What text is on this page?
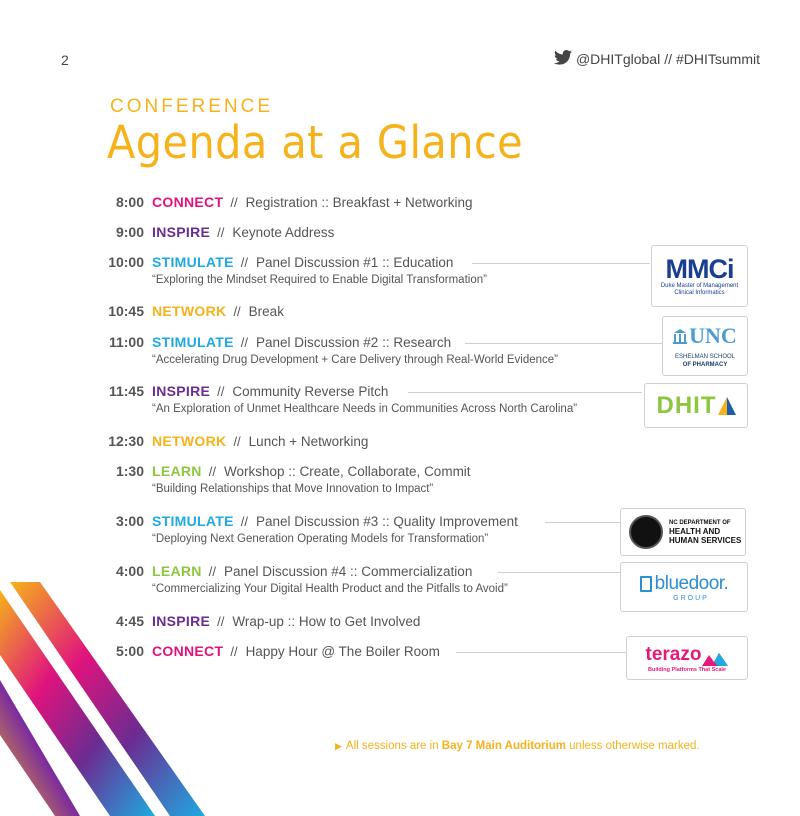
2	@DHITglobal // #DHITsummit
CONFERENCE
Agenda at a Glance
8:00 CONNECT // Registration :: Breakfast + Networking
9:00 INSPIRE // Keynote Address
10:00 STIMULATE // Panel Discussion #1 :: Education
“Exploring the Mindset Required to Enable Digital Transformation”
10:45 NETWORK // Break
11:00 STIMULATE // Panel Discussion #2 :: Research
“Accelerating Drug Development + Care Delivery through Real-World Evidence”
11:45 INSPIRE // Community Reverse Pitch
“An Exploration of Unmet Healthcare Needs in Communities Across North Carolina”
12:30 NETWORK // Lunch + Networking
1:30 LEARN // Workshop :: Create, Collaborate, Commit
“Building Relationships that Move Innovation to Impact”
3:00 STIMULATE // Panel Discussion #3 :: Quality Improvement
“Deploying Next Generation Operating Models for Transformation”
4:00 LEARN // Panel Discussion #4 :: Commercialization
“Commercializing Your Digital Health Product and the Pitfalls to Avoid”
4:45 INSPIRE // Wrap-up :: How to Get Involved
5:00 CONNECT // Happy Hour @ The Boiler Room
MMCi
Duke Master of Management
Clinical Informatics
UNC
ESHELMAN SCHOOL
OF PHARMACY
DHIT
NC DEPARTMENT OF
HEALTH AND
HUMAN SERVICES
bluedoor.
GROUP
terazo
Building Platforms That Scale
▶ All sessions are in Bay 7 Main Auditorium unless otherwise marked.
